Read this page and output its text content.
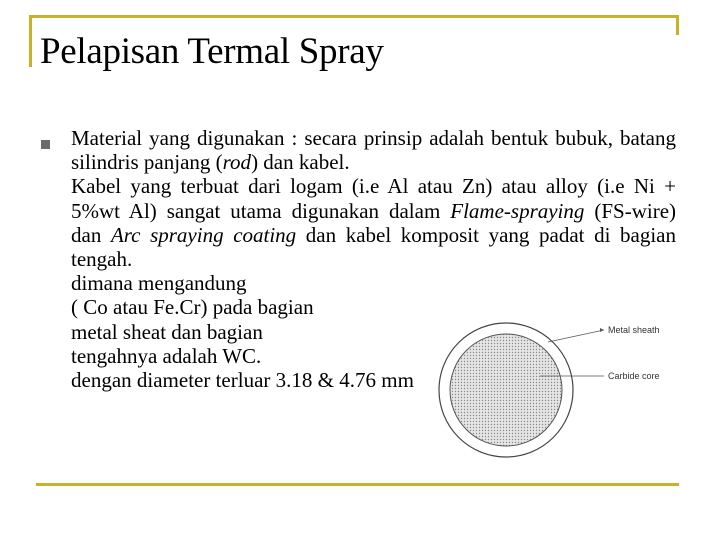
Pelapisan Termal Spray

Material yang digunakan : secara prinsip adalah bentuk bubuk, batang silindris panjang (rod) dan kabel.

Kabel yang terbuat dari logam (i.e Al atau Zn) atau alloy (i.e Ni + 5%wt Al) sangat utama digunakan dalam Flame-spraying (FS-wire) dan Arc spraying coating dan kabel komposit yang padat di bagian tengah.

dimana mengandung
( Co atau Fe.Cr) pada bagian
metal sheat dan bagian
tengahnya adalah WC.
dengan diameter terluar 3.18 & 4.76 mm
Metal sheath
Carbide core
